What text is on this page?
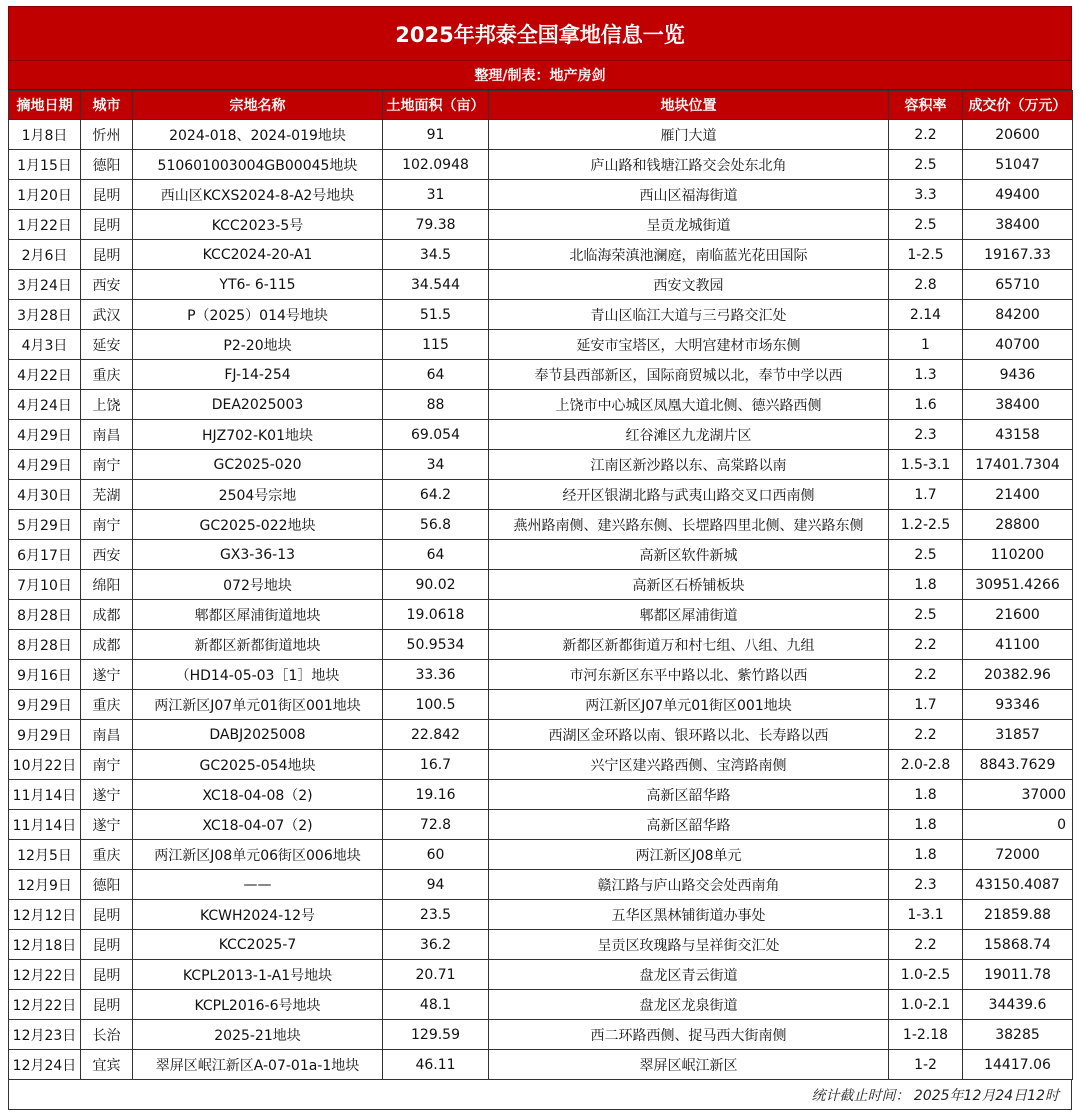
2025年邦泰全国拿地信息一览
整理/制表：地产房剑
摘地日期	城市	宗地名称	土地面积（亩）	地块位置	容积率	成交价（万元）
1月8日	忻州	2024-018、2024-019地块	91	雁门大道	2.2	20600
1月15日	德阳	510601003004GB00045地块	102.0948	庐山路和钱塘江路交会处东北角	2.5	51047
1月20日	昆明	西山区KCXS2024-8-A2号地块	31	西山区福海街道	3.3	49400
1月22日	昆明	KCC2023-5号	79.38	呈贡龙城街道	2.5	38400
2月6日	昆明	KCC2024-20-A1	34.5	北临海荣滇池澜庭，南临蓝光花田国际	1-2.5	19167.33
3月24日	西安	YT6- 6-115	34.544	西安文教园	2.8	65710
3月28日	武汉	P（2025）014号地块	51.5	青山区临江大道与三弓路交汇处	2.14	84200
4月3日	延安	P2-20地块	115	延安市宝塔区，大明宫建材市场东侧	1	40700
4月22日	重庆	FJ-14-254	64	奉节县西部新区，国际商贸城以北，奉节中学以西	1.3	9436
4月24日	上饶	DEA2025003	88	上饶市中心城区凤凰大道北侧、德兴路西侧	1.6	38400
4月29日	南昌	HJZ702-K01地块	69.054	红谷滩区九龙湖片区	2.3	43158
4月29日	南宁	GC2025-020	34	江南区新沙路以东、高棠路以南	1.5-3.1	17401.7304
4月30日	芜湖	2504号宗地	64.2	经开区银湖北路与武夷山路交叉口西南侧	1.7	21400
5月29日	南宁	GC2025-022地块	56.8	燕州路南侧、建兴路东侧、长堽路四里北侧、建兴路东侧	1.2-2.5	28800
6月17日	西安	GX3-36-13	64	高新区软件新城	2.5	110200
7月10日	绵阳	072号地块	90.02	高新区石桥铺板块	1.8	30951.4266
8月28日	成都	郫都区犀浦街道地块	19.0618	郫都区犀浦街道	2.5	21600
8月28日	成都	新都区新都街道地块	50.9534	新都区新都街道万和村七组、八组、九组	2.2	41100
9月16日	遂宁	（HD14-05-03［1］地块	33.36	市河东新区东平中路以北、紫竹路以西	2.2	20382.96
9月29日	重庆	两江新区J07单元01街区001地块	100.5	两江新区J07单元01街区001地块	1.7	93346
9月29日	南昌	DABJ2025008	22.842	西湖区金环路以南、银环路以北、长寿路以西	2.2	31857
10月22日	南宁	GC2025-054地块	16.7	兴宁区建兴路西侧、宝湾路南侧	2.0-2.8	8843.7629
11月14日	遂宁	XC18-04-08（2)	19.16	高新区韶华路	1.8	37000
11月14日	遂宁	XC18-04-07（2)	72.8	高新区韶华路	1.8	0
12月5日	重庆	两江新区J08单元06街区006地块	60	两江新区J08单元	1.8	72000
12月9日	德阳	——	94	赣江路与庐山路交会处西南角	2.3	43150.4087
12月12日	昆明	KCWH2024-12号	23.5	五华区黑林铺街道办事处	1-3.1	21859.88
12月18日	昆明	KCC2025-7	36.2	呈贡区玫瑰路与呈祥街交汇处	2.2	15868.74
12月22日	昆明	KCPL2013-1-A1号地块	20.71	盘龙区青云街道	1.0-2.5	19011.78
12月22日	昆明	KCPL2016-6号地块	48.1	盘龙区龙泉街道	1.0-2.1	34439.6
12月23日	长治	2025-21地块	129.59	西二环路西侧、捉马西大街南侧	1-2.18	38285
12月24日	宜宾	翠屏区岷江新区A-07-01a-1地块	46.11	翠屏区岷江新区	1-2	14417.06
统计截止时间： 2025年12月24日12时
